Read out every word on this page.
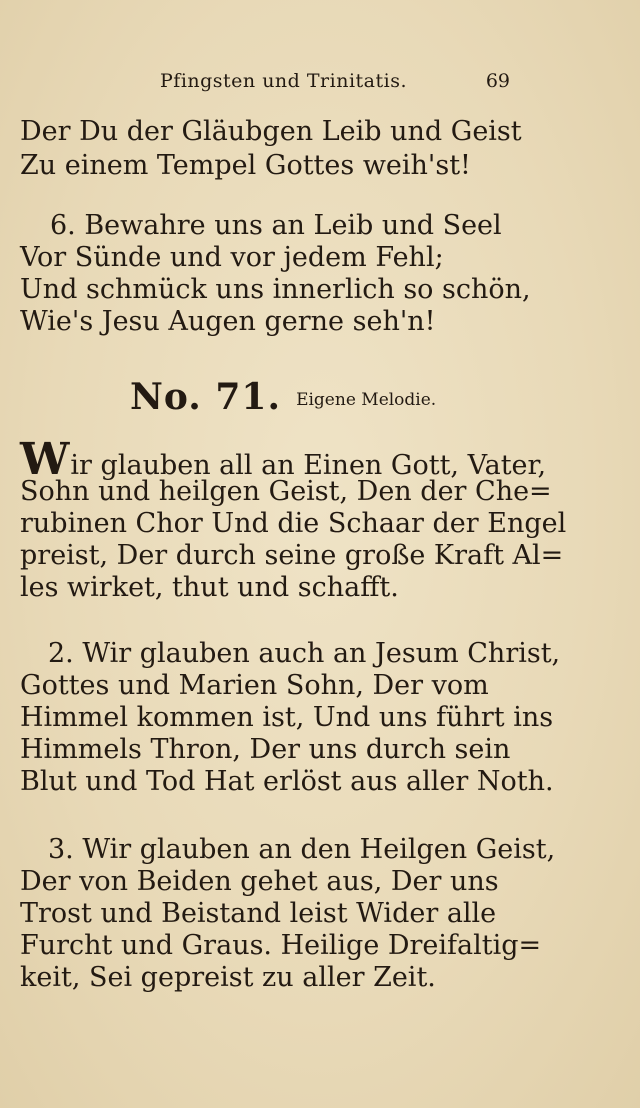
Pfingsten und Trinitatis.	69
Der Du der Gläubgen Leib und Geist
Zu einem Tempel Gottes weih'st!
6. Bewahre uns an Leib und Seel
Vor Sünde und vor jedem Fehl;
Und schmück uns innerlich so schön,
Wie's Jesu Augen gerne seh'n!
No. 71. Eigene Melodie.
Wir glauben all an Einen Gott, Vater,
Sohn und heilgen Geist, Den der Che=
rubinen Chor Und die Schaar der Engel
preist, Der durch seine große Kraft Al=
les wirket, thut und schafft.
2. Wir glauben auch an Jesum Christ,
Gottes und Marien Sohn, Der vom
Himmel kommen ist, Und uns führt ins
Himmels Thron, Der uns durch sein
Blut und Tod Hat erlöst aus aller Noth.
3. Wir glauben an den Heilgen Geist,
Der von Beiden gehet aus, Der uns
Trost und Beistand leist Wider alle
Furcht und Graus. Heilige Dreifaltig=
keit, Sei gepreist zu aller Zeit.
